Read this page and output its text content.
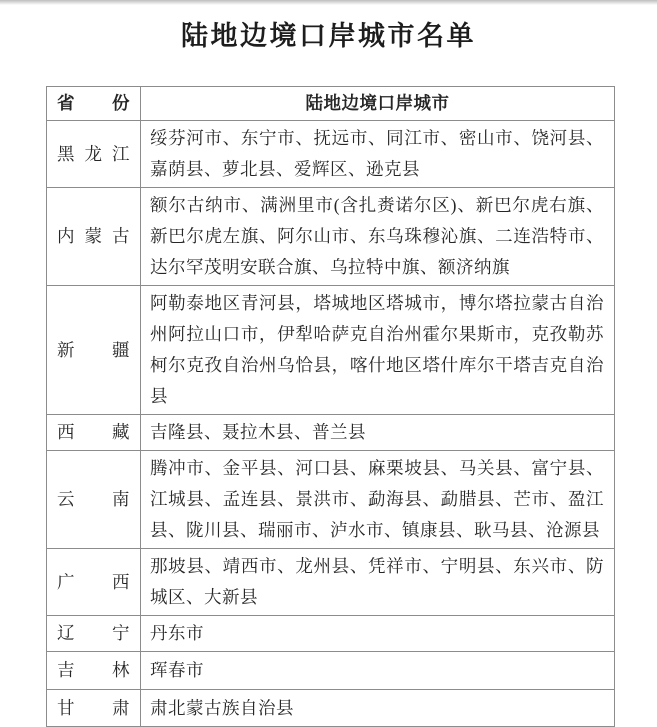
陆地边境口岸城市名单
省份	陆地边境口岸城市

黑龙江	绥芬河市、东宁市、抚远市、同江市、密山市、饶河县、嘉荫县、萝北县、爱辉区、逊克县

内蒙古	额尔古纳市、满洲里市(含扎赉诺尔区)、新巴尔虎右旗、新巴尔虎左旗、阿尔山市、东乌珠穆沁旗、二连浩特市、达尔罕茂明安联合旗、乌拉特中旗、额济纳旗

新疆	阿勒泰地区青河县，塔城地区塔城市，博尔塔拉蒙古自治州阿拉山口市，伊犁哈萨克自治州霍尔果斯市，克孜勒苏柯尔克孜自治州乌恰县，喀什地区塔什库尔干塔吉克自治县

西藏	吉隆县、聂拉木县、普兰县

云南	腾冲市、金平县、河口县、麻栗坡县、马关县、富宁县、江城县、孟连县、景洪市、勐海县、勐腊县、芒市、盈江县、陇川县、瑞丽市、泸水市、镇康县、耿马县、沧源县

广西	那坡县、靖西市、龙州县、凭祥市、宁明县、东兴市、防城区、大新县

辽宁	丹东市

吉林	珲春市

甘肃	肃北蒙古族自治县
